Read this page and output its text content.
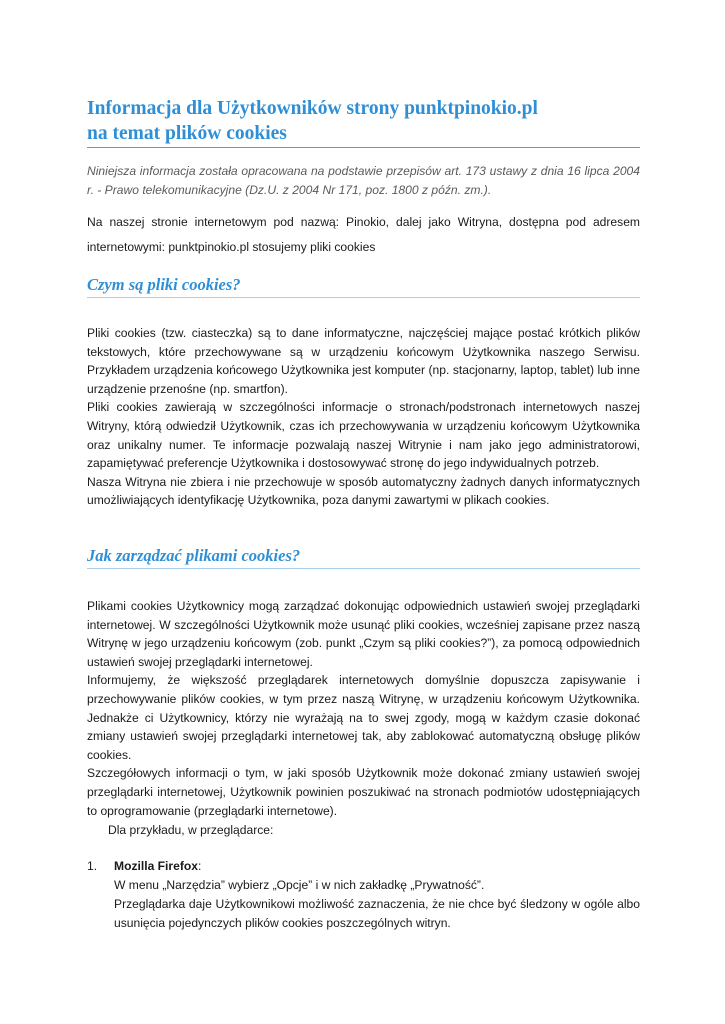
Informacja dla Użytkowników strony punktpinokio.pl
na temat plików cookies

Niniejsza informacja została opracowana na podstawie przepisów art. 173 ustawy z dnia 16 lipca 2004 r. - Prawo telekomunikacyjne (Dz.U. z 2004 Nr 171, poz. 1800 z późn. zm.).

Na naszej stronie internetowym pod nazwą: Pinokio, dalej jako Witryna, dostępna pod adresem internetowymi: punktpinokio.pl stosujemy pliki cookies

Czym są pliki cookies?

Pliki cookies (tzw. ciasteczka) są to dane informatyczne, najczęściej mające postać krótkich plików tekstowych, które przechowywane są w urządzeniu końcowym Użytkownika naszego Serwisu. Przykładem urządzenia końcowego Użytkownika jest komputer (np. stacjonarny, laptop, tablet) lub inne urządzenie przenośne (np. smartfon).

Pliki cookies zawierają w szczególności informacje o stronach/podstronach internetowych naszej Witryny, którą odwiedził Użytkownik, czas ich przechowywania w urządzeniu końcowym Użytkownika oraz unikalny numer. Te informacje pozwalają naszej Witrynie i nam jako jego administratorowi, zapamiętywać preferencje Użytkownika i dostosowywać stronę do jego indywidualnych potrzeb.

Nasza Witryna nie zbiera i nie przechowuje w sposób automatyczny żadnych danych informatycznych umożliwiających identyfikację Użytkownika, poza danymi zawartymi w plikach cookies.

Jak zarządzać plikami cookies?

Plikami cookies Użytkownicy mogą zarządzać dokonując odpowiednich ustawień swojej przeglądarki internetowej. W szczególności Użytkownik może usunąć pliki cookies, wcześniej zapisane przez naszą Witrynę w jego urządzeniu końcowym (zob. punkt „Czym są pliki cookies?”), za pomocą odpowiednich ustawień swojej przeglądarki internetowej.

Informujemy, że większość przeglądarek internetowych domyślnie dopuszcza zapisywanie i przechowywanie plików cookies, w tym przez naszą Witrynę, w urządzeniu końcowym Użytkownika. Jednakże ci Użytkownicy, którzy nie wyrażają na to swej zgody, mogą w każdym czasie dokonać zmiany ustawień swojej przeglądarki internetowej tak, aby zablokować automatyczną obsługę plików cookies.

Szczegółowych informacji o tym, w jaki sposób Użytkownik może dokonać zmiany ustawień swojej przeglądarki internetowej, Użytkownik powinien poszukiwać na stronach podmiotów udostępniających to oprogramowanie (przeglądarki internetowe).

Dla przykładu, w przeglądarce:

1. Mozilla Firefox:

W menu „Narzędzia” wybierz „Opcje” i w nich zakładkę „Prywatność”.

Przeglądarka daje Użytkownikowi możliwość zaznaczenia, że nie chce być śledzony w ogóle albo usunięcia pojedynczych plików cookies poszczególnych witryn.
